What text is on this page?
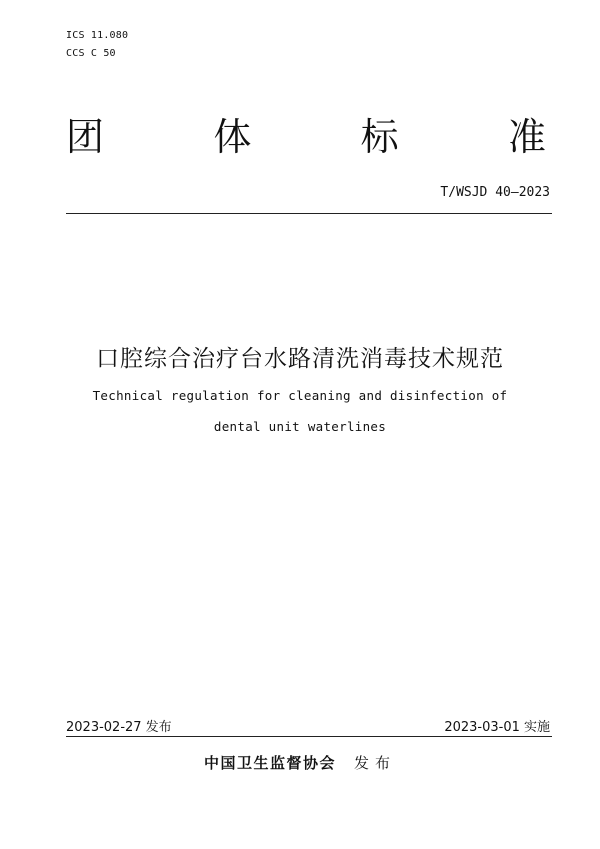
ICS 11.080
CCS C 50
团	体	标	准
T/WSJD 40—2023
口腔综合治疗台水路清洗消毒技术规范
Technical regulation for cleaning and disinfection of
dental unit waterlines
2023-02-27 发布	2023-03-01 实施
中国卫生监督协会 发布
